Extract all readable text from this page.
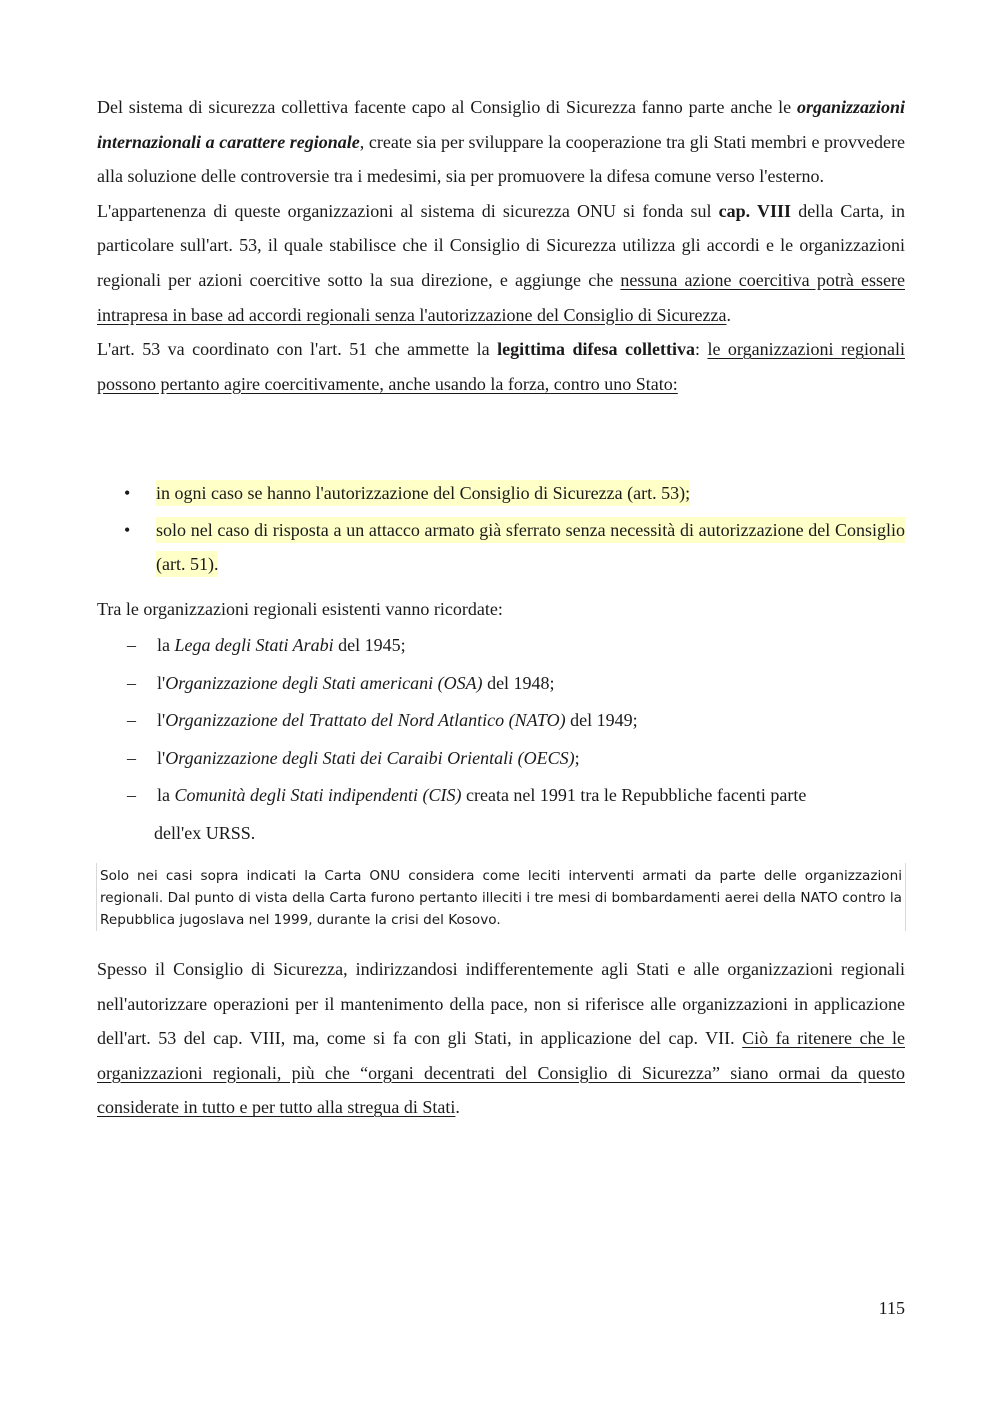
Del sistema di sicurezza collettiva facente capo al Consiglio di Sicurezza fanno parte anche le organizzazioni internazionali a carattere regionale, create sia per sviluppare la cooperazione tra gli Stati membri e provvedere alla soluzione delle controversie tra i medesimi, sia per promuovere la difesa comune verso l'esterno.
L'appartenenza di queste organizzazioni al sistema di sicurezza ONU si fonda sul cap. VIII della Carta, in particolare sull'art. 53, il quale stabilisce che il Consiglio di Sicurezza utilizza gli accordi e le organizzazioni regionali per azioni coercitive sotto la sua direzione, e aggiunge che nessuna azione coercitiva potrà essere intrapresa in base ad accordi regionali senza l'autorizzazione del Consiglio di Sicurezza.
L'art. 53 va coordinato con l'art. 51 che ammette la legittima difesa collettiva: le organizzazioni regionali possono pertanto agire coercitivamente, anche usando la forza, contro uno Stato:

• in ogni caso se hanno l'autorizzazione del Consiglio di Sicurezza (art. 53);
• solo nel caso di risposta a un attacco armato già sferrato senza necessità di autorizzazione del Consiglio (art. 51).

Tra le organizzazioni regionali esistenti vanno ricordate:

– la Lega degli Stati Arabi del 1945;
– l'Organizzazione degli Stati americani (OSA) del 1948;
– l'Organizzazione del Trattato del Nord Atlantico (NATO) del 1949;
– l'Organizzazione degli Stati dei Caraibi Orientali (OECS);
– la Comunità degli Stati indipendenti (CIS) creata nel 1991 tra le Repubbliche facenti parte
dell'ex URSS.
Solo nei casi sopra indicati la Carta ONU considera come leciti interventi armati da parte delle organizzazioni regionali. Dal punto di vista della Carta furono pertanto illeciti i tre mesi di bombardamenti aerei della NATO contro la Repubblica jugoslava nel 1999, durante la crisi del Kosovo.

Spesso il Consiglio di Sicurezza, indirizzandosi indifferentemente agli Stati e alle organizzazioni regionali nell'autorizzare operazioni per il mantenimento della pace, non si riferisce alle organizzazioni in applicazione dell'art. 53 del cap. VIII, ma, come si fa con gli Stati, in applicazione del cap. VII. Ciò fa ritenere che le organizzazioni regionali, più che “organi decentrati del Consiglio di Sicurezza” siano ormai da questo considerate in tutto e per tutto alla stregua di Stati.

115
